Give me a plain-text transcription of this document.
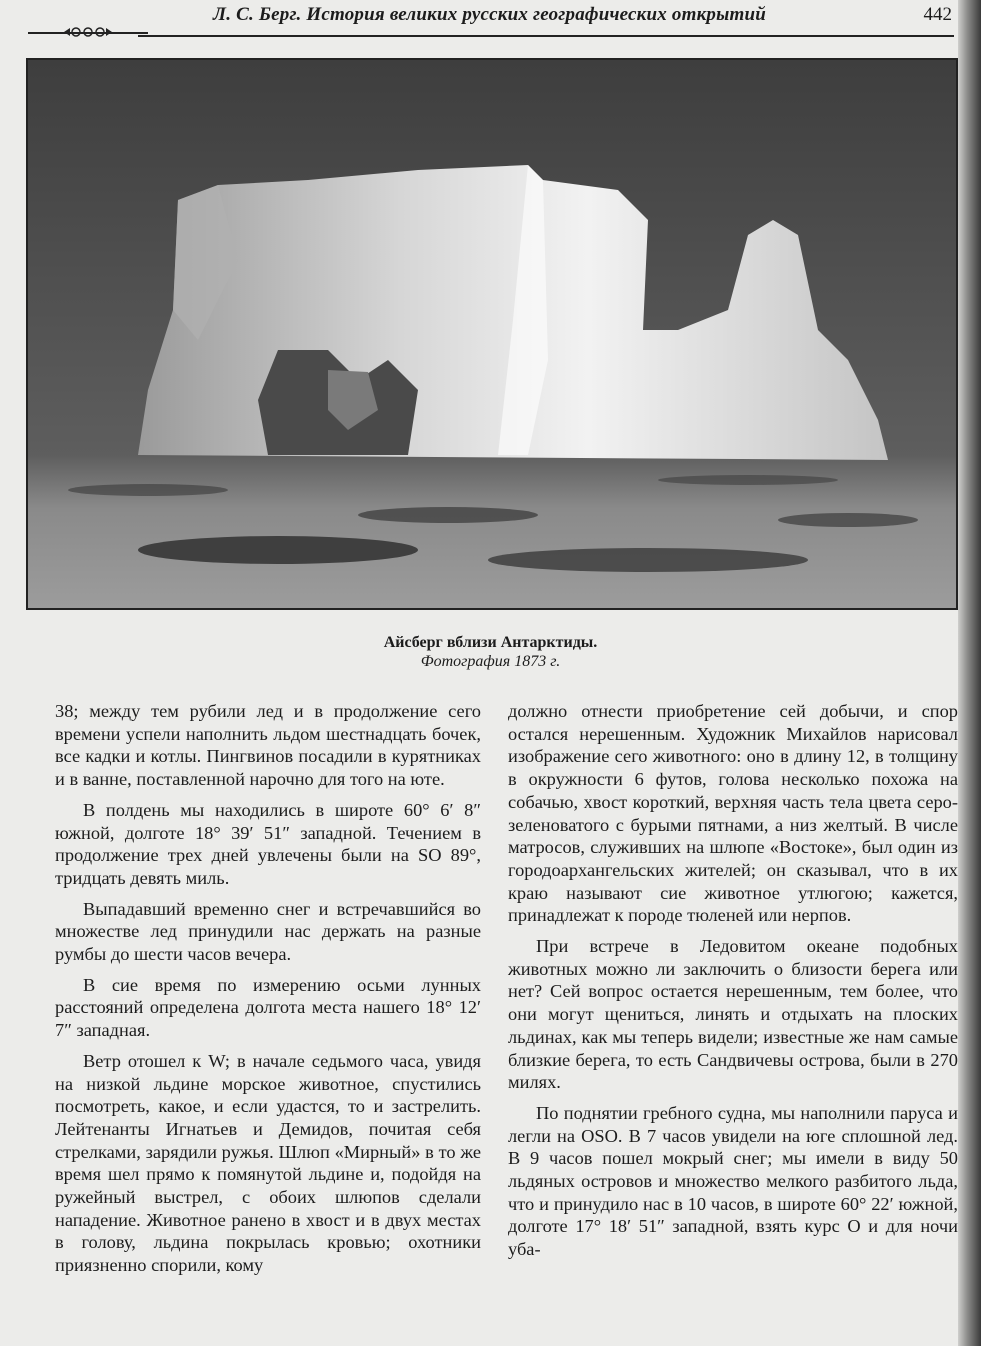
Л. С. Берг. История великих русских географических открытий	442
Айсберг вблизи Антарктиды.
Фотография 1873 г.

38; между тем рубили лед и в продолжение сего времени успели наполнить льдом шестнадцать бочек, все кадки и котлы. Пингвинов посадили в курятниках и в ванне, поставленной нарочно для того на юте.

В полдень мы находились в широте 60° 6′ 8″ южной, долготе 18° 39′ 51″ западной. Течением в продолжение трех дней увлечены были на SO 89°, тридцать девять миль.

Выпадавший временно снег и встречавшийся во множестве лед принудили нас держать на разные румбы до шести часов вечера.

В сие время по измерению осьми лунных расстояний определена долгота места нашего 18° 12′ 7″ западная.

Ветр отошел к W; в начале седьмого часа, увидя на низкой льдине морское животное, спустились посмотреть, какое, и если удастся, то и застрелить. Лейтенанты Игнатьев и Демидов, почитая себя стрелками, зарядили ружья. Шлюп «Мирный» в то же время шел прямо к помянутой льдине и, подойдя на ружейный выстрел, с обоих шлюпов сделали нападение. Животное ранено в хвост и в двух местах в голову, льдина покрылась кровью; охотники приязненно спорили, кому

должно отнести приобретение сей добычи, и спор остался нерешенным. Художник Михайлов нарисовал изображение сего животного: оно в длину 12, в толщину в окружности 6 футов, голова несколько похожа на собачью, хвост короткий, верхняя часть тела цвета серо-зеленоватого с бурыми пятнами, а низ желтый. В числе матросов, служивших на шлюпе «Востоке», был один из городоархангельских жителей; он сказывал, что в их краю называют сие животное утлюгою; кажется, принадлежат к породе тюленей или нерпов.

При встрече в Ледовитом океане подобных животных можно ли заключить о близости берега или нет? Сей вопрос остается нерешенным, тем более, что они могут щениться, линять и отдыхать на плоских льдинах, как мы теперь видели; известные же нам самые близкие берега, то есть Сандвичевы острова, были в 270 милях.

По поднятии гребного судна, мы наполнили паруса и легли на OSO. В 7 часов увидели на юге сплошной лед. В 9 часов пошел мокрый снег; мы имели в виду 50 льдяных островов и множество мелкого разбитого льда, что и принудило нас в 10 часов, в широте 60° 22′ южной, долготе 17° 18′ 51″ западной, взять курс O и для ночи уба-
